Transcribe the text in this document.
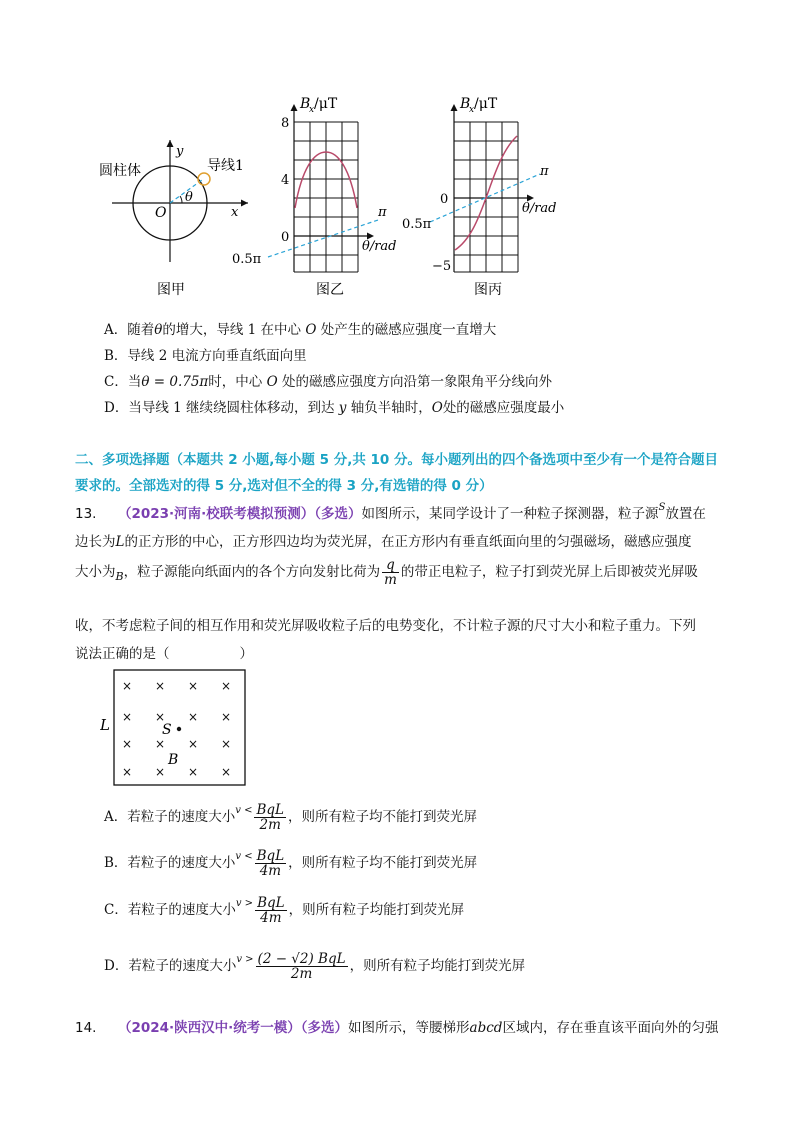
圆柱体	导线1
y
x
O
θ
图甲
B
x /μT
8
4
0
π
0.5π
θ/rad
图乙
B
x /μT
0
−5
π
0.5π
θ/rad
图丙
A．随着θ的增大，导线 1 在中心 O 处产生的磁感应强度一直增大
B．导线 2 电流方向垂直纸面向里
C．当θ = 0.75π时，中心 O 处的磁感应强度方向沿第一象限角平分线向外
D．当导线 1 继续绕圆柱体移动，到达 y 轴负半轴时，O处的磁感应强度最小
二、多项选择题（本题共 2 小题,每小题 5 分,共 10 分。每小题列出的四个备选项中至少有一个是符合题目
要求的。全部选对的得 5 分,选对但不全的得 3 分,有选错的得 0 分）
13. （2023·河南·校联考模拟预测）（多选）如图所示，某同学设计了一种粒子探测器，粒子源$^S$放置在
边长为L的正方形的中心，正方形四边均为荧光屏，在正方形内有垂直纸面向里的匀强磁场，磁感应强度
大小为$_B$，粒子源能向纸面内的各个方向发射比荷为 $\frac{q}{m}$ 的带正电粒子，粒子打到荧光屏上后即被荧光屏吸
收，不考虑粒子间的相互作用和荧光屏吸收粒子后的电势变化，不计粒子源的尺寸大小和粒子重力。下列
说法正确的是（	）
× × × ×
× × × ×
× × × ×
× × × ×
S
B
L
A．若粒子的速度大小$^{v <} \frac{\text{BqL}}{2m}$ ，则所有粒子均不能打到荧光屏
B．若粒子的速度大小$^{v <} \frac{\text{BqL}}{4m}$ ，则所有粒子均不能打到荧光屏
C．若粒子的速度大小$^{v >} \frac{\text{BqL}}{4m}$ ，则所有粒子均能打到荧光屏
D．若粒子的速度大小$^{v >} \frac{\text{(2 − √2) BqL}}{2m}$ ，则所有粒子均能打到荧光屏
14. （2024·陕西汉中·统考一模）（多选）如图所示，等腰梯形abcd区域内，存在垂直该平面向外的匀强
